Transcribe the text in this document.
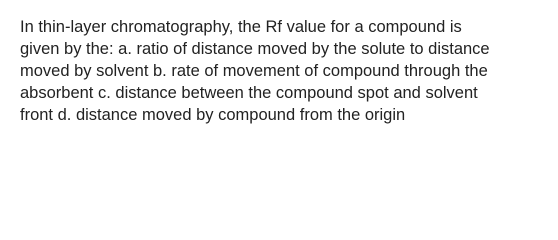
In thin-layer chromatography, the Rf value for a compound is
given by the: a. ratio of distance moved by the solute to distance
moved by solvent b. rate of movement of compound through the
absorbent c. distance between the compound spot and solvent
front d. distance moved by compound from the origin
